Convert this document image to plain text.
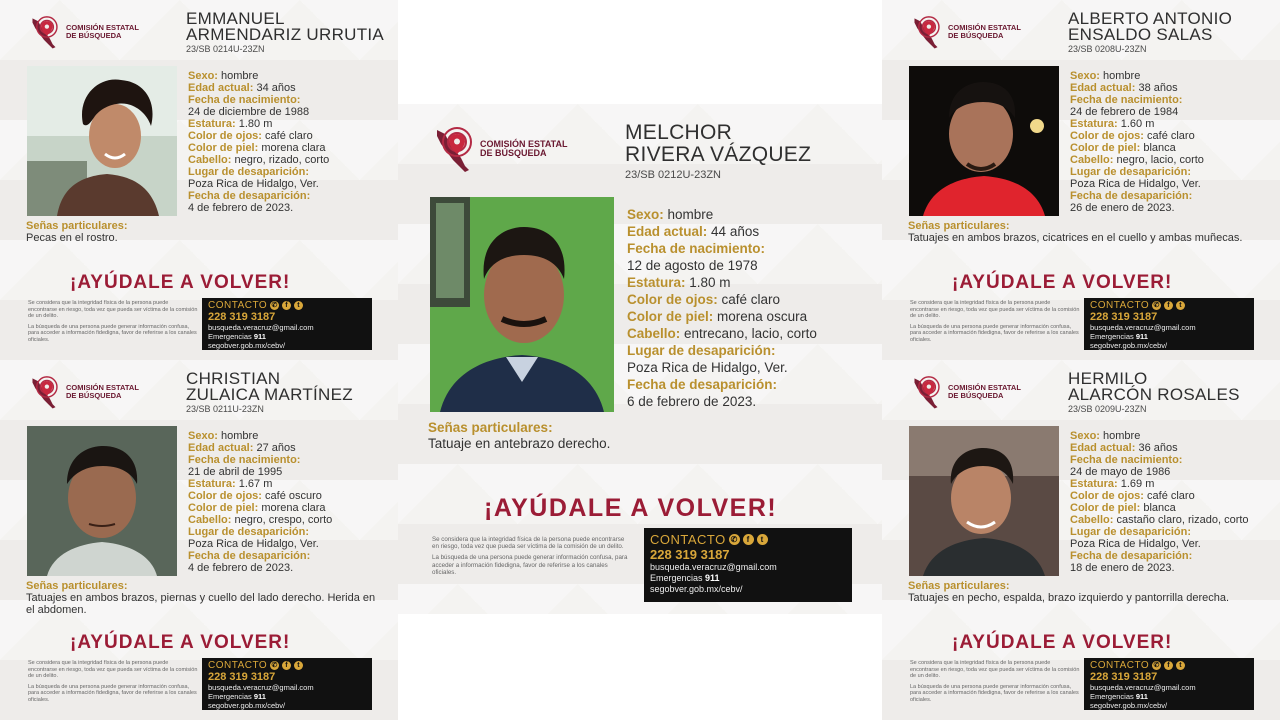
COMISIÓN ESTATAL
DE BÚSQUEDA
EMMANUEL
ARMENDARIZ URRUTIA
23/SB 0214U-23ZN
Sexo: hombre
Edad actual: 34 años
Fecha de nacimiento:
24 de diciembre de 1988
Estatura: 1.80 m
Color de ojos: café claro
Color de piel: morena clara
Cabello: negro, rizado, corto
Lugar de desaparición:
Poza Rica de Hidalgo, Ver.
Fecha de desaparición:
4 de febrero de 2023.
Señas particulares:
Pecas en el rostro.
¡AYÚDALE A VOLVER!

Se considera que la integridad física de la persona puede encontrarse en riesgo, toda vez que pueda ser víctima de la comisión de un delito.

La búsqueda de una persona puede generar información confusa, para acceder a información fidedigna, favor de referirse a los canales oficiales.

CONTACTO ✆	f	t
228 319 3187
busqueda.veracruz@gmail.com
Emergencias 911
segobver.gob.mx/cebv/
COMISIÓN ESTATAL
DE BÚSQUEDA
CHRISTIAN
ZULAICA MARTÍNEZ
23/SB 0211U-23ZN
Sexo: hombre
Edad actual: 27 años
Fecha de nacimiento:
21 de abril de 1995
Estatura: 1.67 m
Color de ojos: café oscuro
Color de piel: morena clara
Cabello: negro, crespo, corto
Lugar de desaparición:
Poza Rica de Hidalgo, Ver.
Fecha de desaparición:
4 de febrero de 2023.
Señas particulares:
Tatuajes en ambos brazos, piernas y cuello del lado derecho. Herida en el abdomen.
¡AYÚDALE A VOLVER!

Se considera que la integridad física de la persona puede encontrarse en riesgo, toda vez que pueda ser víctima de la comisión de un delito.

La búsqueda de una persona puede generar información confusa, para acceder a información fidedigna, favor de referirse a los canales oficiales.

CONTACTO ✆	f	t
228 319 3187
busqueda.veracruz@gmail.com
Emergencias 911
segobver.gob.mx/cebv/
COMISIÓN ESTATAL
DE BÚSQUEDA
ALBERTO ANTONIO
ENSALDO SALAS
23/SB 0208U-23ZN
Sexo: hombre
Edad actual: 38 años
Fecha de nacimiento:
24 de febrero de 1984
Estatura: 1.60 m
Color de ojos: café claro
Color de piel: blanca
Cabello: negro, lacio, corto
Lugar de desaparición:
Poza Rica de Hidalgo, Ver.
Fecha de desaparición:
26 de enero de 2023.
Señas particulares:
Tatuajes en ambos brazos, cicatrices en el cuello y ambas muñecas.
¡AYÚDALE A VOLVER!

Se considera que la integridad física de la persona puede encontrarse en riesgo, toda vez que pueda ser víctima de la comisión de un delito.

La búsqueda de una persona puede generar información confusa, para acceder a información fidedigna, favor de referirse a los canales oficiales.

CONTACTO ✆	f	t
228 319 3187
busqueda.veracruz@gmail.com
Emergencias 911
segobver.gob.mx/cebv/
COMISIÓN ESTATAL
DE BÚSQUEDA
HERMILO
ALARCÓN ROSALES
23/SB 0209U-23ZN
Sexo: hombre
Edad actual: 36 años
Fecha de nacimiento:
24 de mayo de 1986
Estatura: 1.69 m
Color de ojos: café claro
Color de piel: blanca
Cabello: castaño claro, rizado, corto
Lugar de desaparición:
Poza Rica de Hidalgo, Ver.
Fecha de desaparición:
18 de enero de 2023.
Señas particulares:
Tatuajes en pecho, espalda, brazo izquierdo y pantorrilla derecha.
¡AYÚDALE A VOLVER!

Se considera que la integridad física de la persona puede encontrarse en riesgo, toda vez que pueda ser víctima de la comisión de un delito.

La búsqueda de una persona puede generar información confusa, para acceder a información fidedigna, favor de referirse a los canales oficiales.

CONTACTO ✆	f	t
228 319 3187
busqueda.veracruz@gmail.com
Emergencias 911
segobver.gob.mx/cebv/
COMISIÓN ESTATAL
DE BÚSQUEDA
MELCHOR
RIVERA VÁZQUEZ
23/SB 0212U-23ZN
Sexo: hombre
Edad actual: 44 años
Fecha de nacimiento:
12 de agosto de 1978
Estatura: 1.80 m
Color de ojos: café claro
Color de piel: morena oscura
Cabello: entrecano, lacio, corto
Lugar de desaparición:
Poza Rica de Hidalgo, Ver.
Fecha de desaparición:
6 de febrero de 2023.
Señas particulares:
Tatuaje en antebrazo derecho.
¡AYÚDALE A VOLVER!

Se considera que la integridad física de la persona puede encontrarse en riesgo, toda vez que pueda ser víctima de la comisión de un delito.

La búsqueda de una persona puede generar información confusa, para acceder a información fidedigna, favor de referirse a los canales oficiales.

CONTACTO ✆	f	t
228 319 3187
busqueda.veracruz@gmail.com
Emergencias 911
segobver.gob.mx/cebv/
